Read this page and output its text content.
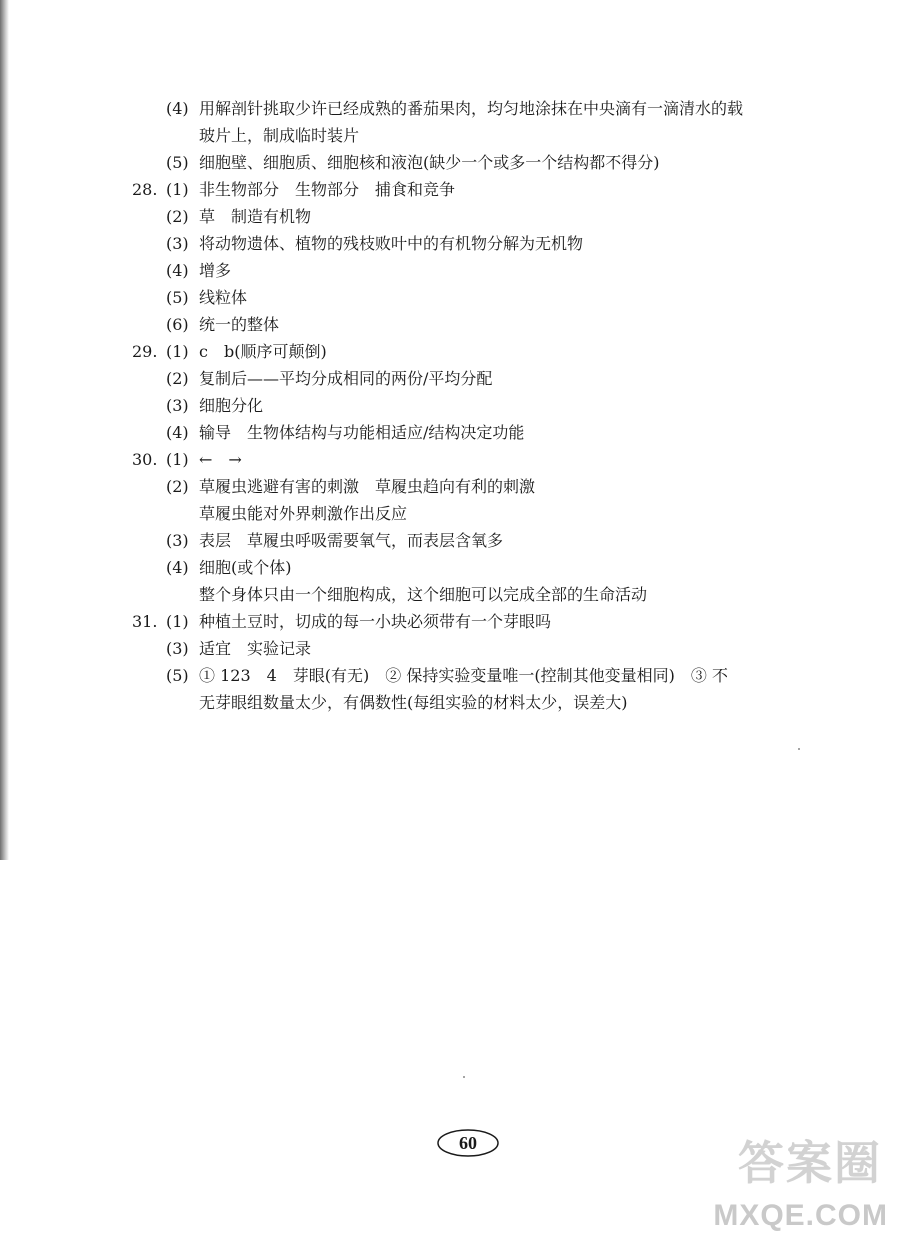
(4) 用解剖针挑取少许已经成熟的番茄果肉，均匀地涂抹在中央滴有一滴清水的载
玻片上，制成临时装片
(5) 细胞壁、细胞质、细胞核和液泡(缺少一个或多一个结构都不得分)
28. (1) 非生物部分　生物部分　捕食和竞争
(2) 草　制造有机物
(3) 将动物遗体、植物的残枝败叶中的有机物分解为无机物
(4) 增多
(5) 线粒体
(6) 统一的整体
29. (1) c　b(顺序可颠倒)
(2) 复制后——平均分成相同的两份/平均分配
(3) 细胞分化
(4) 输导　生物体结构与功能相适应/结构决定功能
30. (1) ←　→
(2) 草履虫逃避有害的刺激　草履虫趋向有利的刺激
草履虫能对外界刺激作出反应
(3) 表层　草履虫呼吸需要氧气，而表层含氧多
(4) 细胞(或个体)
整个身体只由一个细胞构成，这个细胞可以完成全部的生命活动
31. (1) 种植土豆时，切成的每一小块必须带有一个芽眼吗
(3) 适宜　实验记录
(5) ① 123　4　芽眼(有无)　② 保持实验变量唯一(控制其他变量相同)　③ 不
无芽眼组数量太少，有偶数性(每组实验的材料太少，误差大)
60	答案圈
MXQE.COM
